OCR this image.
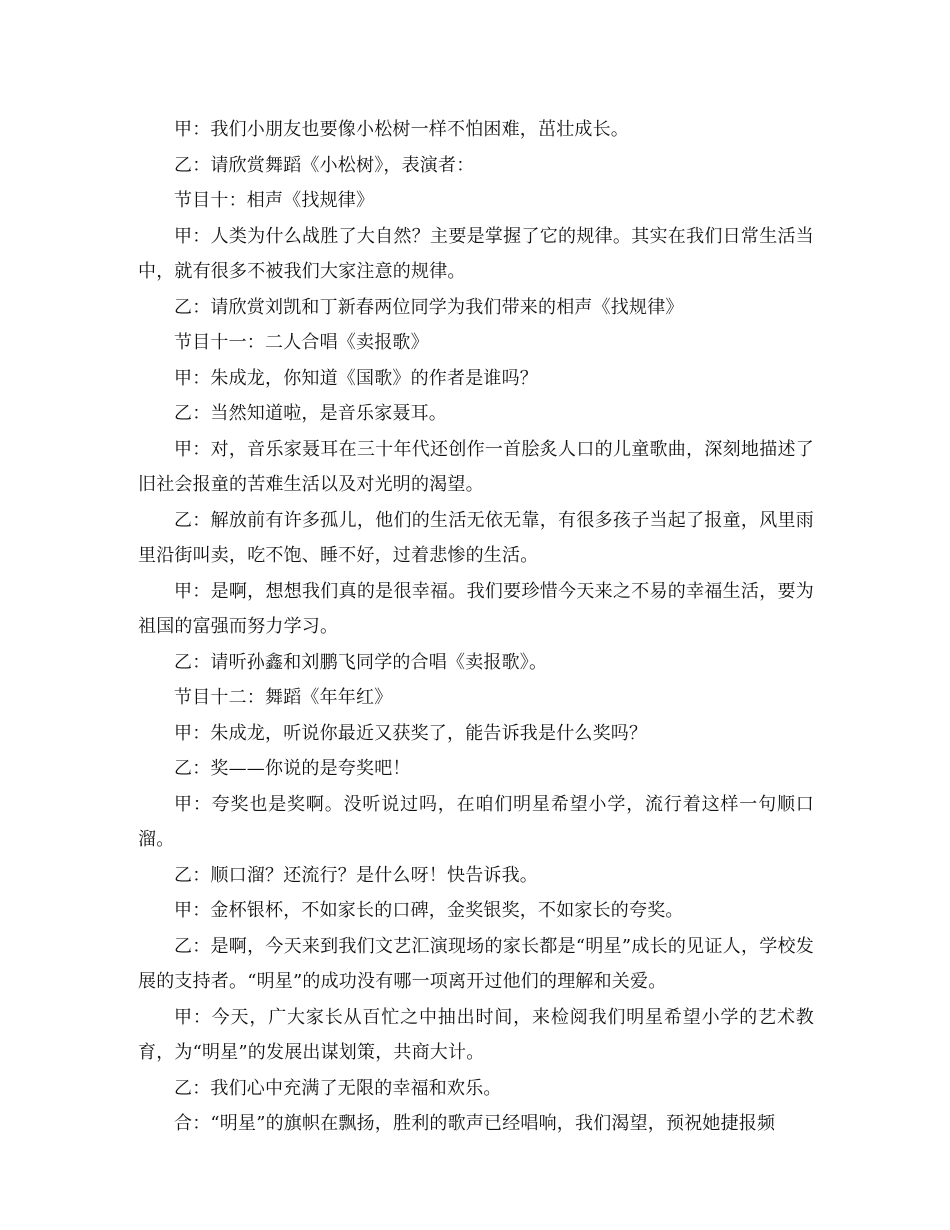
甲：我们小朋友也要像小松树一样不怕困难，茁壮成长。

乙：请欣赏舞蹈《小松树》，表演者：

节目十：相声《找规律》

甲：人类为什么战胜了大自然？主要是掌握了它的规律。其实在我们日常生活当中，就有很多不被我们大家注意的规律。

乙：请欣赏刘凯和丁新春两位同学为我们带来的相声《找规律》

节目十一：二人合唱《卖报歌》

甲：朱成龙，你知道《国歌》的作者是谁吗？

乙：当然知道啦，是音乐家聂耳。

甲：对，音乐家聂耳在三十年代还创作一首脍炙人口的儿童歌曲，深刻地描述了旧社会报童的苦难生活以及对光明的渴望。

乙：解放前有许多孤儿，他们的生活无依无靠，有很多孩子当起了报童，风里雨里沿街叫卖，吃不饱、睡不好，过着悲惨的生活。

甲：是啊，想想我们真的是很幸福。我们要珍惜今天来之不易的幸福生活，要为祖国的富强而努力学习。

乙：请听孙鑫和刘鹏飞同学的合唱《卖报歌》。

节目十二：舞蹈《年年红》

甲：朱成龙，听说你最近又获奖了，能告诉我是什么奖吗？

乙：奖——你说的是夸奖吧！

甲：夸奖也是奖啊。没听说过吗，在咱们明星希望小学，流行着这样一句顺口溜。

乙：顺口溜？还流行？是什么呀！快告诉我。

甲：金杯银杯，不如家长的口碑，金奖银奖，不如家长的夸奖。

乙：是啊，今天来到我们文艺汇演现场的家长都是“明星”成长的见证人，学校发展的支持者。“明星”的成功没有哪一项离开过他们的理解和关爱。

甲：今天，广大家长从百忙之中抽出时间，来检阅我们明星希望小学的艺术教育，为“明星”的发展出谋划策，共商大计。

乙：我们心中充满了无限的幸福和欢乐。

合：“明星”的旗帜在飘扬，胜利的歌声已经唱响，我们渴望，预祝她捷报频
